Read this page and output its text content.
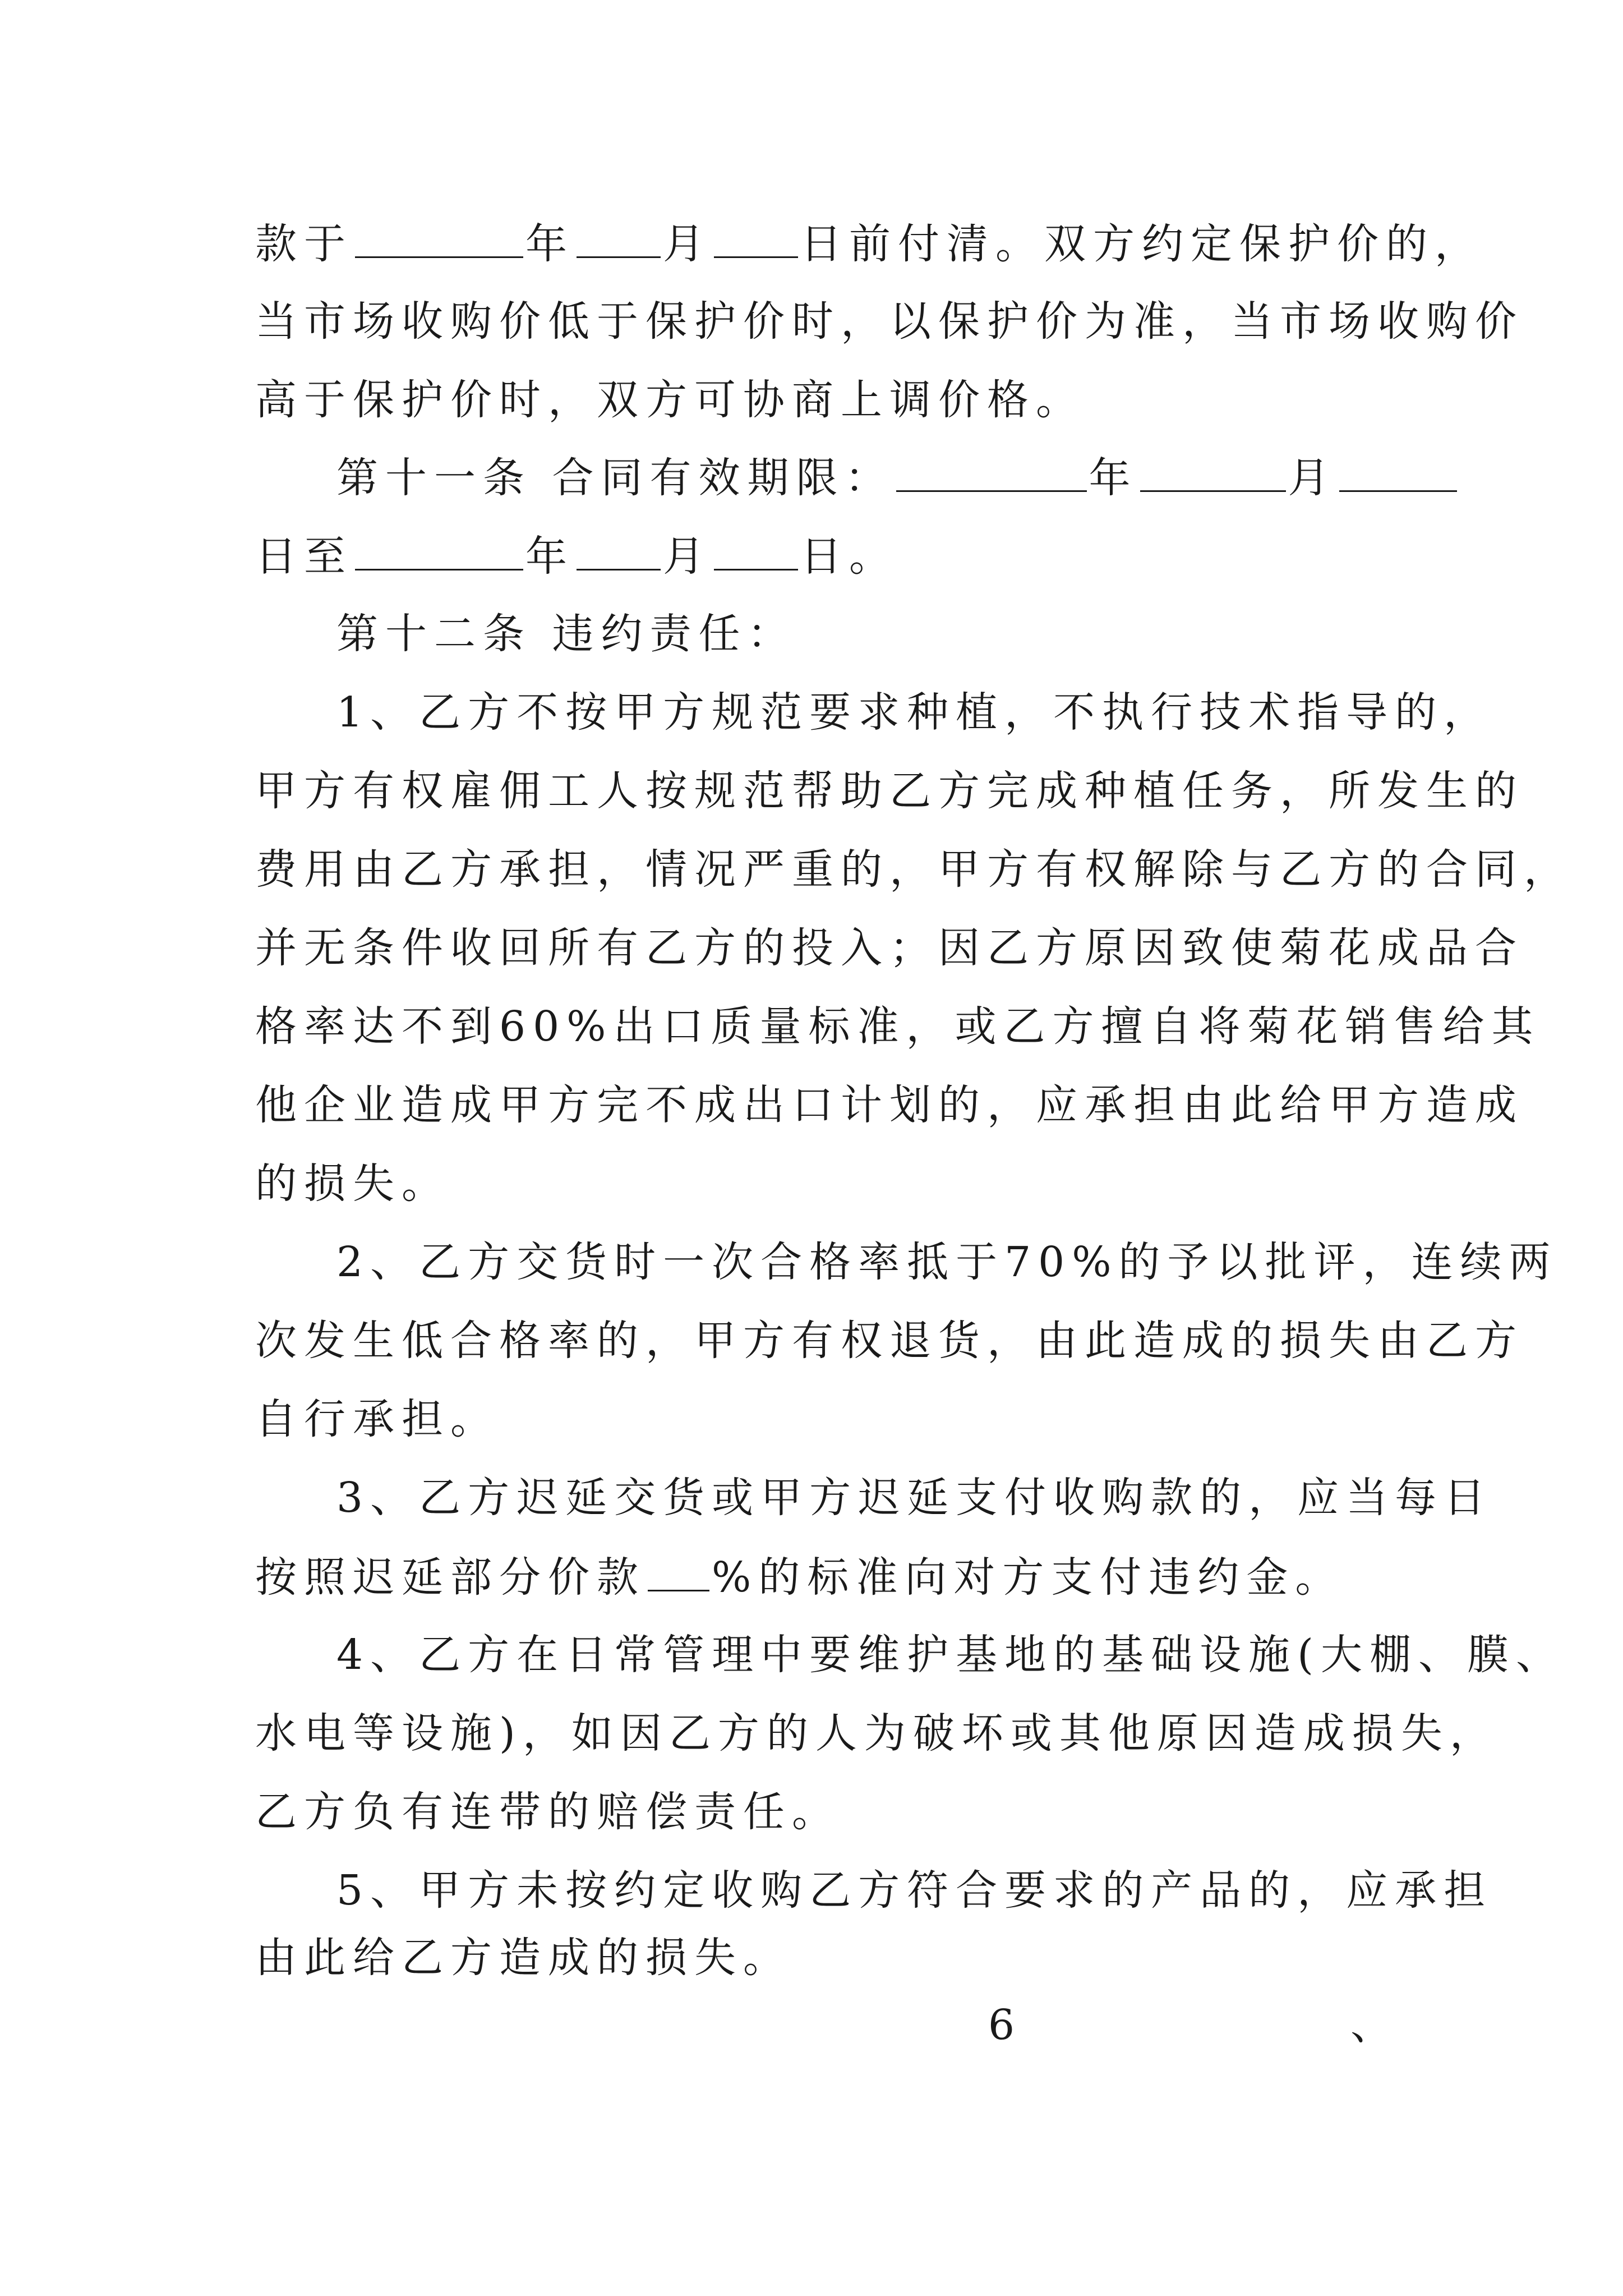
款于	年 月 日前付清。双方约定保护价的，
当市场收购价低于保护价时，以保护价为准，当市场收购价
高于保护价时，双方可协商上调价格。
第十一条 合同有效期限：	年	月
日至	年 月 日。
第十二条 违约责任：
1、乙方不按甲方规范要求种植，不执行技术指导的，
甲方有权雇佣工人按规范帮助乙方完成种植任务，所发生的
费用由乙方承担，情况严重的，甲方有权解除与乙方的合同，
并无条件收回所有乙方的投入；因乙方原因致使菊花成品合
格率达不到60%出口质量标准，或乙方擅自将菊花销售给其
他企业造成甲方完不成出口计划的，应承担由此给甲方造成
的损失。
2、乙方交货时一次合格率抵于70%的予以批评，连续两
次发生低合格率的，甲方有权退货，由此造成的损失由乙方
自行承担。
3、乙方迟延交货或甲方迟延支付收购款的，应当每日
按照迟延部分价款 %的标准向对方支付违约金。
4、乙方在日常管理中要维护基地的基础设施(大棚、膜、
水电等设施)，如因乙方的人为破坏或其他原因造成损失，
乙方负有连带的赔偿责任。
5、甲方未按约定收购乙方符合要求的产品的，应承担
由此给乙方造成的损失。
6	、
